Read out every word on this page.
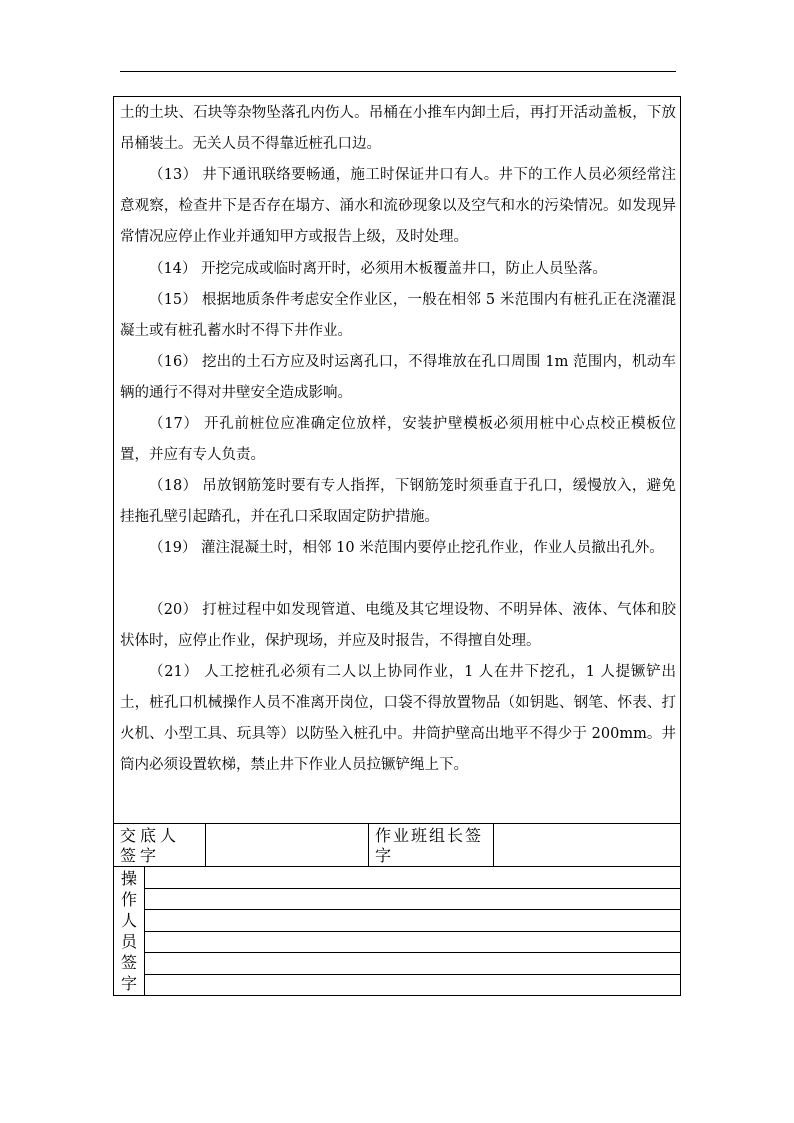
土的土块、石块等杂物坠落孔内伤人。吊桶在小推车内卸土后，再打开活动盖板，下放吊桶装土。无关人员不得靠近桩孔口边。

（13） 井下通讯联络要畅通，施工时保证井口有人。井下的工作人员必须经常注意观察，检查井下是否存在塌方、涌水和流砂现象以及空气和水的污染情况。如发现异常情况应停止作业并通知甲方或报告上级，及时处理。

（14） 开挖完成或临时离开时，必须用木板覆盖井口，防止人员坠落。

（15） 根据地质条件考虑安全作业区，一般在相邻 5 米范围内有桩孔正在浇灌混凝土或有桩孔蓄水时不得下井作业。

（16） 挖出的土石方应及时运离孔口，不得堆放在孔口周围 1m 范围内，机动车辆的通行不得对井壁安全造成影响。

（17） 开孔前桩位应准确定位放样，安装护壁模板必须用桩中心点校正模板位置，并应有专人负责。

（18） 吊放钢筋笼时要有专人指挥，下钢筋笼时须垂直于孔口，缓慢放入，避免挂拖孔壁引起踏孔，并在孔口采取固定防护措施。

（19） 灌注混凝土时，相邻 10 米范围内要停止挖孔作业，作业人员撤出孔外。

（20） 打桩过程中如发现管道、电缆及其它埋设物、不明异体、液体、气体和胶状体时，应停止作业，保护现场，并应及时报告，不得擅自处理。

（21） 人工挖桩孔必须有二人以上协同作业，1 人在井下挖孔，1 人提镢铲出土，桩孔口机械操作人员不准离开岗位，口袋不得放置物品（如钥匙、钢笔、怀表、打火机、小型工具、玩具等）以防坠入桩孔中。井筒护壁高出地平不得少于 200mm。井筒内必须设置软梯，禁止井下作业人员拉镢铲绳上下。

交底人签字
作业班组长签字
操作人员签字
